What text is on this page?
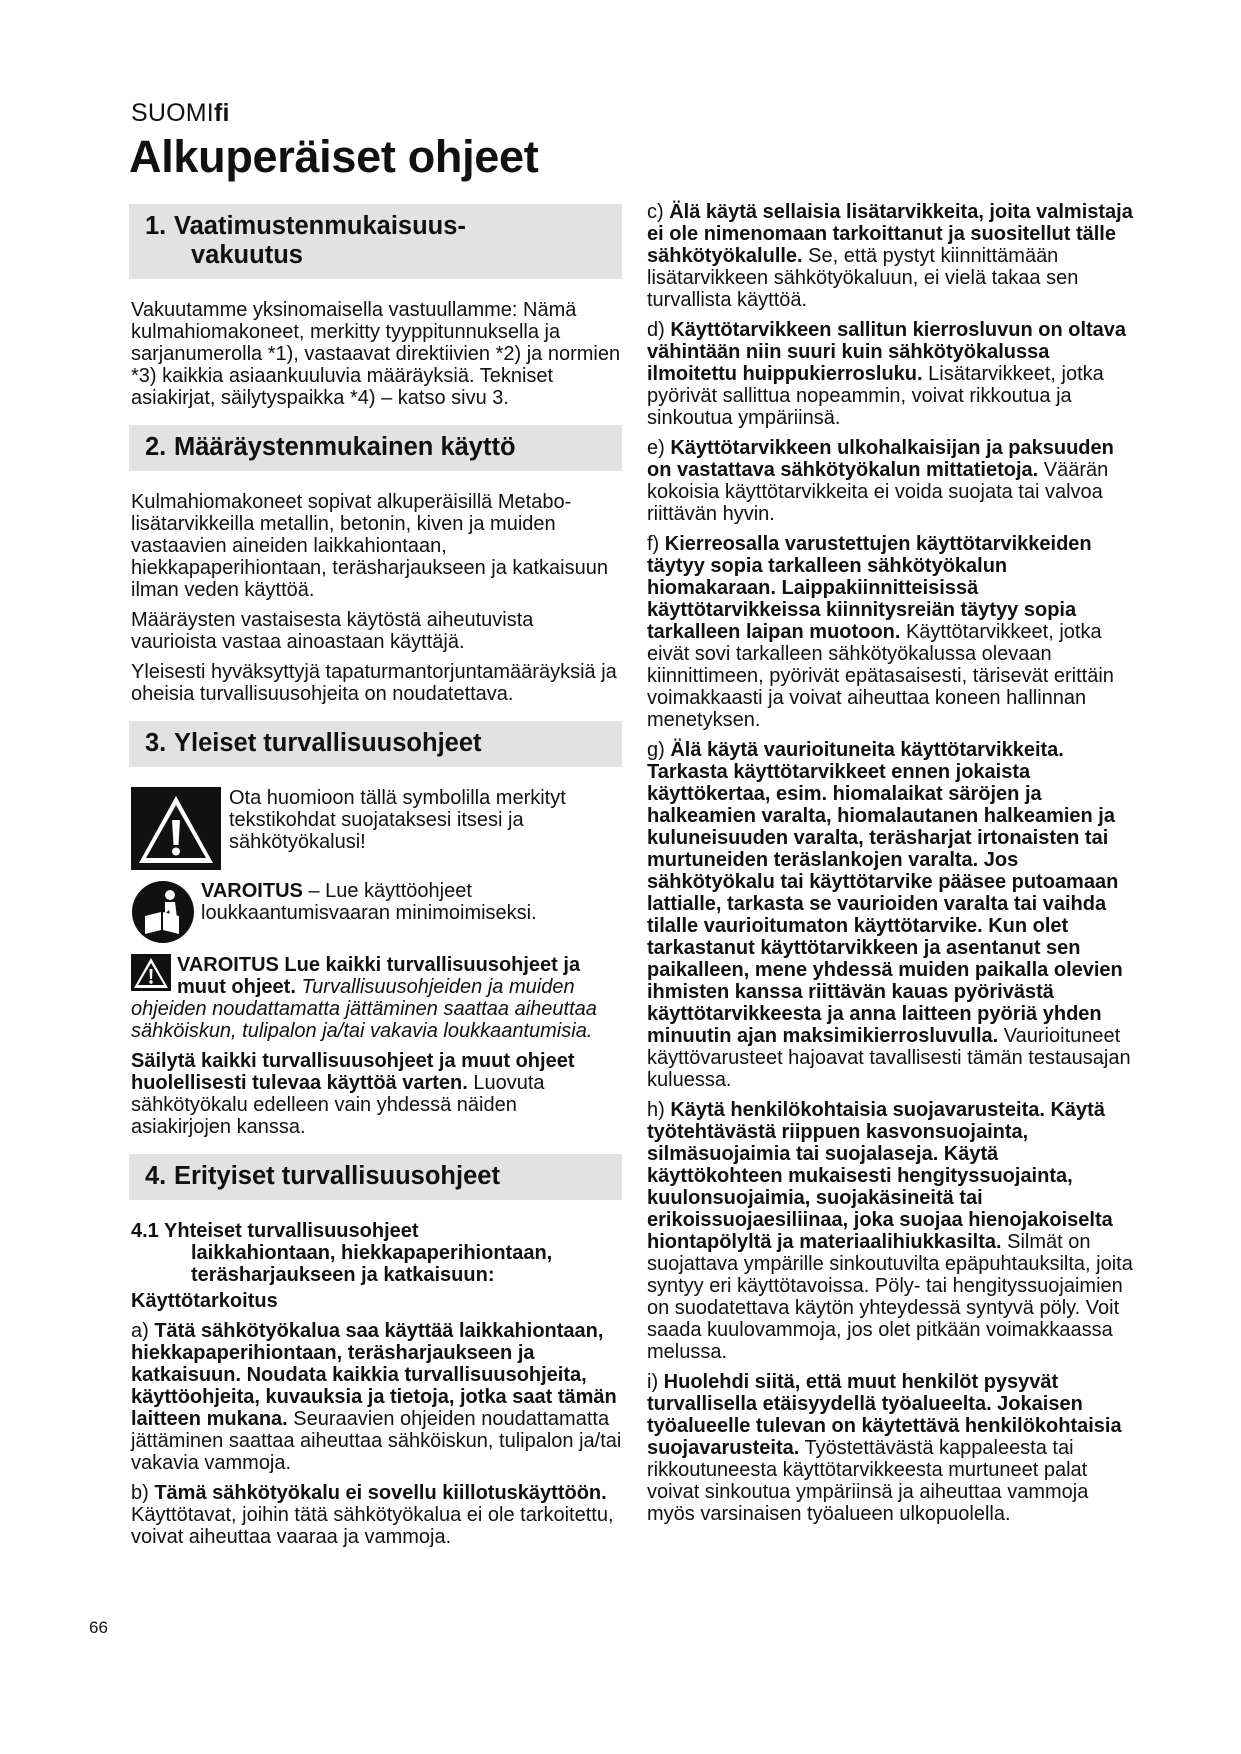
SUOMIfi
Alkuperäiset ohjeet
1. Vaatimustenmukaisuus-
vakuutus

Vakuutamme yksinomaisella vastuullamme: Nämä kulmahiomakoneet, merkitty tyyppitunnuksella ja sarjanumerolla *1), vastaavat direktiivien *2) ja normien *3) kaikkia asiaankuuluvia määräyksiä. Tekniset asiakirjat, säilytyspaikka *4) – katso sivu 3.

2. Määräystenmukainen käyttö

Kulmahiomakoneet sopivat alkuperäisillä Metabo-lisätarvikkeilla metallin, betonin, kiven ja muiden vastaavien aineiden laikkahiontaan, hiekkapaperihiontaan, teräsharjaukseen ja katkaisuun ilman veden käyttöä.

Määräysten vastaisesta käytöstä aiheutuvista vaurioista vastaa ainoastaan käyttäjä.

Yleisesti hyväksyttyjä tapaturmantorjuntamääräyksiä ja oheisia turvallisuusohjeita on noudatettava.

3. Yleiset turvallisuusohjeet
Ota huomioon tällä symbolilla merkityt tekstikohdat suojataksesi itsesi ja sähkötyökalusi!
VAROITUS – Lue käyttöohjeet loukkaantumisvaaran minimoimiseksi.

VAROITUS Lue kaikki turvallisuusohjeet ja muut ohjeet. Turvallisuusohjeiden ja muiden ohjeiden noudattamatta jättäminen saattaa aiheuttaa sähköiskun, tulipalon ja/tai vakavia loukkaantumisia.

Säilytä kaikki turvallisuusohjeet ja muut ohjeet huolellisesti tulevaa käyttöä varten. Luovuta sähkötyökalu edelleen vain yhdessä näiden asiakirjojen kanssa.

4. Erityiset turvallisuusohjeet
4.1 Yhteiset turvallisuusohjeet
laikkahiontaan, hiekkapaperihiontaan,
teräsharjaukseen ja katkaisuun:

Käyttötarkoitus

a) Tätä sähkötyökalua saa käyttää laikkahiontaan, hiekkapaperihiontaan, teräsharjaukseen ja katkaisuun. Noudata kaikkia turvallisuusohjeita, käyttöohjeita, kuvauksia ja tietoja, jotka saat tämän laitteen mukana. Seuraavien ohjeiden noudattamatta jättäminen saattaa aiheuttaa sähköiskun, tulipalon ja/tai vakavia vammoja.

b) Tämä sähkötyökalu ei sovellu kiillotuskäyttöön. Käyttötavat, joihin tätä sähkötyökalua ei ole tarkoitettu, voivat aiheuttaa vaaraa ja vammoja.

c) Älä käytä sellaisia lisätarvikkeita, joita valmistaja ei ole nimenomaan tarkoittanut ja suositellut tälle sähkötyökalulle. Se, että pystyt kiinnittämään lisätarvikkeen sähkötyökaluun, ei vielä takaa sen turvallista käyttöä.

d) Käyttötarvikkeen sallitun kierrosluvun on oltava vähintään niin suuri kuin sähkötyökalussa ilmoitettu huippukierrosluku. Lisätarvikkeet, jotka pyörivät sallittua nopeammin, voivat rikkoutua ja sinkoutua ympäriinsä.

e) Käyttötarvikkeen ulkohalkaisijan ja paksuuden on vastattava sähkötyökalun mittatietoja. Väärän kokoisia käyttötarvikkeita ei voida suojata tai valvoa riittävän hyvin.

f) Kierreosalla varustettujen käyttötarvikkeiden täytyy sopia tarkalleen sähkötyökalun hiomakaraan. Laippakiinnitteisissä käyttötarvikkeissa kiinnitysreiän täytyy sopia tarkalleen laipan muotoon. Käyttötarvikkeet, jotka eivät sovi tarkalleen sähkötyökalussa olevaan kiinnittimeen, pyörivät epätasaisesti, tärisevät erittäin voimakkaasti ja voivat aiheuttaa koneen hallinnan menetyksen.

g) Älä käytä vaurioituneita käyttötarvikkeita. Tarkasta käyttötarvikkeet ennen jokaista käyttökertaa, esim. hiomalaikat säröjen ja halkeamien varalta, hiomalautanen halkeamien ja kuluneisuuden varalta, teräsharjat irtonaisten tai murtuneiden teräslankojen varalta. Jos sähkötyökalu tai käyttötarvike pääsee putoamaan lattialle, tarkasta se vaurioiden varalta tai vaihda tilalle vaurioitumaton käyttötarvike. Kun olet tarkastanut käyttötarvikkeen ja asentanut sen paikalleen, mene yhdessä muiden paikalla olevien ihmisten kanssa riittävän kauas pyörivästä käyttötarvikkeesta ja anna laitteen pyöriä yhden minuutin ajan maksimikierrosluvulla. Vaurioituneet käyttövarusteet hajoavat tavallisesti tämän testausajan kuluessa.

h) Käytä henkilökohtaisia suojavarusteita. Käytä työtehtävästä riippuen kasvonsuojainta, silmäsuojaimia tai suojalaseja. Käytä käyttökohteen mukaisesti hengityssuojainta, kuulonsuojaimia, suojakäsineitä tai erikoissuojaesiliinaa, joka suojaa hienojakoiselta hiontapölyltä ja materiaalihiukkasilta. Silmät on suojattava ympärille sinkoutuvilta epäpuhtauksilta, joita syntyy eri käyttötavoissa. Pöly- tai hengityssuojaimien on suodatettava käytön yhteydessä syntyvä pöly. Voit saada kuulovammoja, jos olet pitkään voimakkaassa melussa.

i) Huolehdi siitä, että muut henkilöt pysyvät turvallisella etäisyydellä työalueelta. Jokaisen työalueelle tulevan on käytettävä henkilökohtaisia suojavarusteita. Työstettävästä kappaleesta tai rikkoutuneesta käyttötarvikkeesta murtuneet palat voivat sinkoutua ympäriinsä ja aiheuttaa vammoja myös varsinaisen työalueen ulkopuolella.

66
